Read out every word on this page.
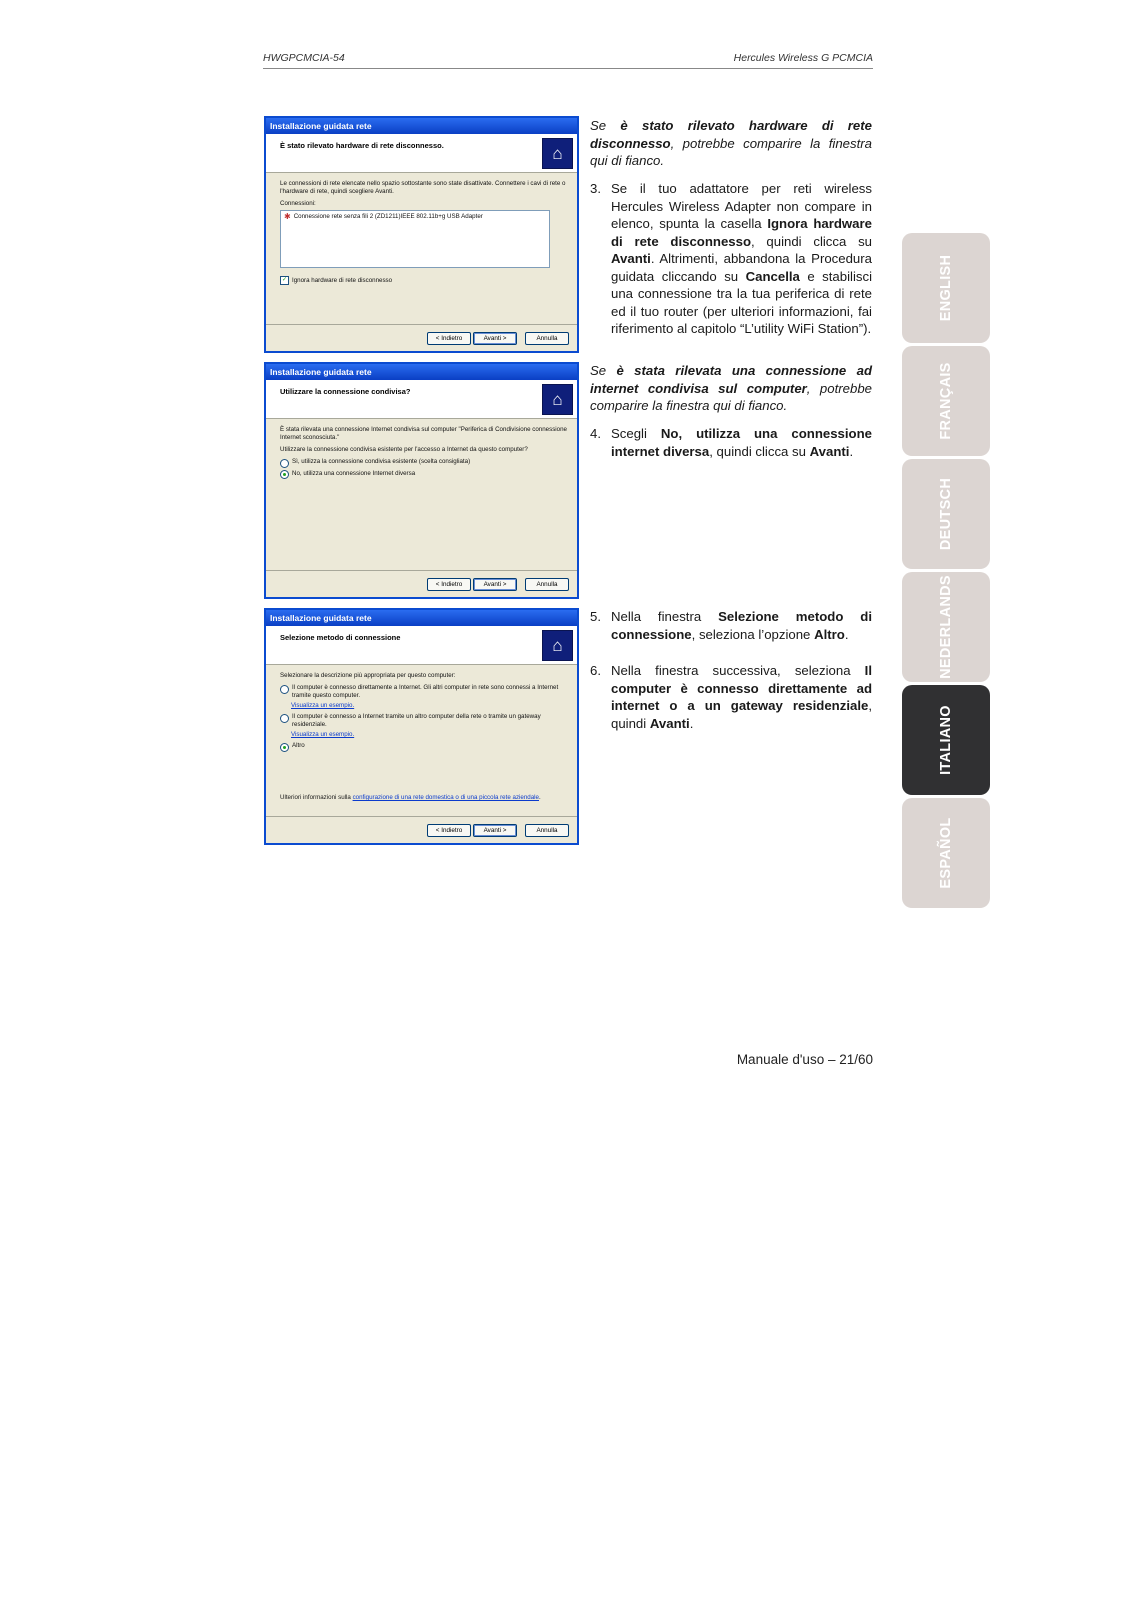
HWGPCMCIA-54	Hercules Wireless G PCMCIA
Installazione guidata rete
È stato rilevato hardware di rete disconnesso.	⌂

Le connessioni di rete elencate nello spazio sottostante sono state disattivate. Connettere i cavi di rete o l'hardware di rete, quindi scegliere Avanti.

Connessioni:
✱ Connessione rete senza fili 2 (ZD1211)IEEE 802.11b+g USB Adapter
✓ Ignora hardware di rete disconnesso
< Indietro	Avanti >	Annulla
Installazione guidata rete
Utilizzare la connessione condivisa?	⌂

È stata rilevata una connessione Internet condivisa sul computer "Periferica di Condivisione connessione Internet sconosciuta."

Utilizzare la connessione condivisa esistente per l'accesso a Internet da questo computer?

Sì, utilizza la connessione condivisa esistente (scelta consigliata)
No, utilizza una connessione Internet diversa
< Indietro	Avanti >	Annulla
Installazione guidata rete
Selezione metodo di connessione	⌂

Selezionare la descrizione più appropriata per questo computer:

Il computer è connesso direttamente a Internet. Gli altri computer in rete sono connessi a Internet tramite questo computer.
Visualizza un esempio.
Il computer è connesso a Internet tramite un altro computer della rete o tramite un gateway residenziale.
Visualizza un esempio.
Altro
Ulteriori informazioni sulla configurazione di una rete domestica o di una piccola rete aziendale.
< Indietro	Avanti >	Annulla
Se è stato rilevato hardware di rete disconnesso, potrebbe comparire la finestra qui di fianco.
3. Se il tuo adattatore per reti wireless Hercules Wireless Adapter non compare in elenco, spunta la casella Ignora hardware di rete disconnesso, quindi clicca su Avanti. Altrimenti, abbandona la Procedura guidata cliccando su Cancella e stabilisci una connessione tra la tua periferica di rete ed il tuo router (per ulteriori informazioni, fai riferimento al capitolo “L’utility WiFi Station”).
Se è stata rilevata una connessione ad internet condivisa sul computer, potrebbe comparire la finestra qui di fianco.
4. Scegli No, utilizza una connessione internet diversa, quindi clicca su Avanti.
5. Nella finestra Selezione metodo di connessione, seleziona l’opzione Altro.
6. Nella finestra successiva, seleziona Il computer è connesso direttamente ad internet o a un gateway residenziale, quindi Avanti.
Manuale d'uso – 21/60
ENGLISH
FRANÇAIS
DEUTSCH
NEDERLANDS
ITALIANO
ESPAÑOL
